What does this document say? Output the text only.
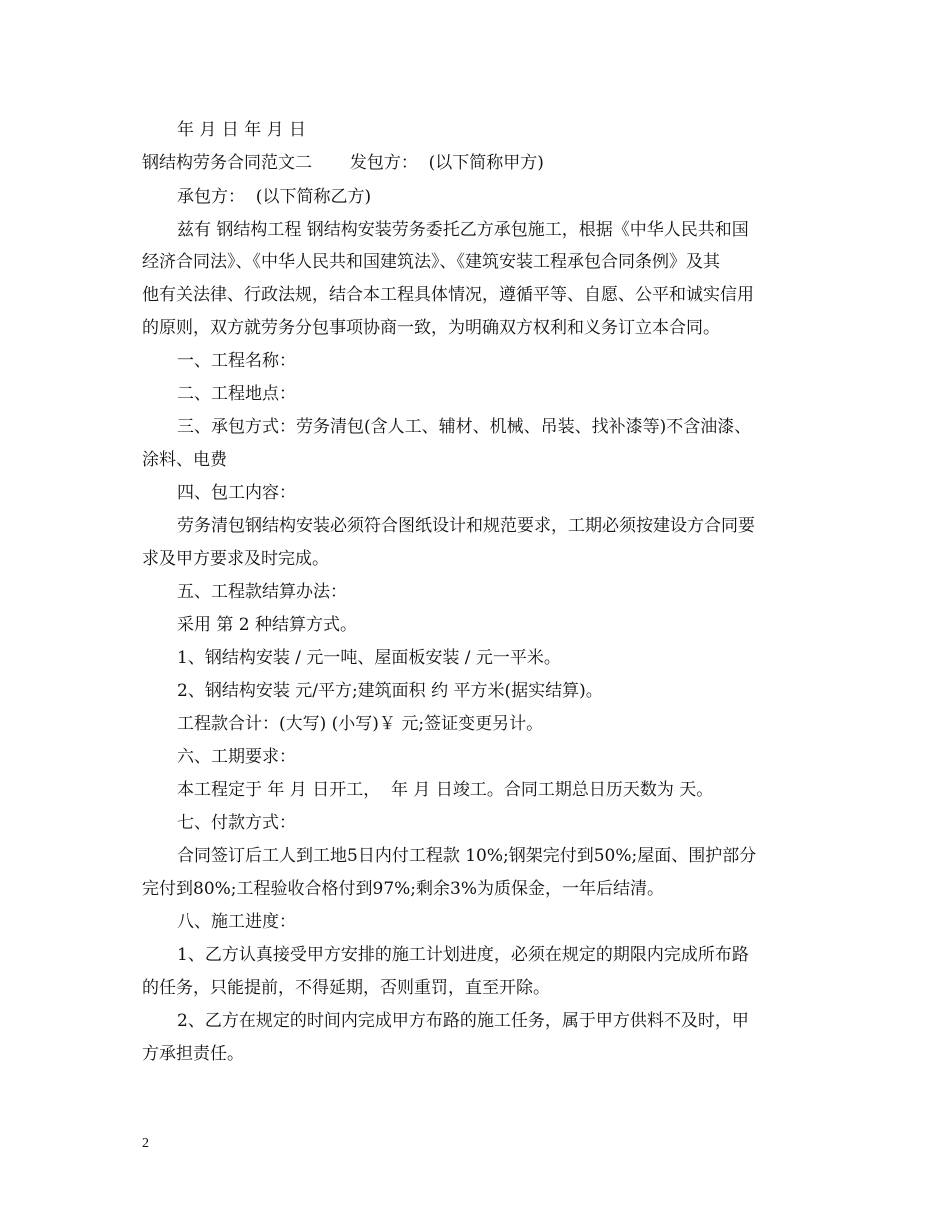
年 月 日 年 月 日
钢结构劳务合同范文二       发包方：  (以下简称甲方)
承包方：  (以下简称乙方)
兹有 钢结构工程 钢结构安装劳务委托乙方承包施工，根据《中华人民共和国
经济合同法》、《中华人民共和国建筑法》、《建筑安装工程承包合同条例》及其
他有关法律、行政法规，结合本工程具体情况，遵循平等、自愿、公平和诚实信用
的原则，双方就劳务分包事项协商一致，为明确双方权利和义务订立本合同。
一、工程名称：
二、工程地点：
三、承包方式：劳务清包(含人工、辅材、机械、吊装、找补漆等)不含油漆、
涂料、电费
四、包工内容：
劳务清包钢结构安装必须符合图纸设计和规范要求，工期必须按建设方合同要
求及甲方要求及时完成。
五、工程款结算办法：
采用 第 2 种结算方式。
1、钢结构安装 / 元一吨、屋面板安装 / 元一平米。
2、钢结构安装 元/平方;建筑面积 约 平方米(据实结算)。
工程款合计：(大写) (小写)￥ 元;签证变更另计。
六、工期要求：
本工程定于 年 月 日开工，  年 月 日竣工。合同工期总日历天数为 天。
七、付款方式：
合同签订后工人到工地5日内付工程款 10%;钢架完付到50%;屋面、围护部分
完付到80%;工程验收合格付到97%;剩余3%为质保金，一年后结清。
八、施工进度：
1、乙方认真接受甲方安排的施工计划进度，必须在规定的期限内完成所布路
的任务，只能提前，不得延期，否则重罚，直至开除。
2、乙方在规定的时间内完成甲方布路的施工任务，属于甲方供料不及时，甲
方承担责任。
2
